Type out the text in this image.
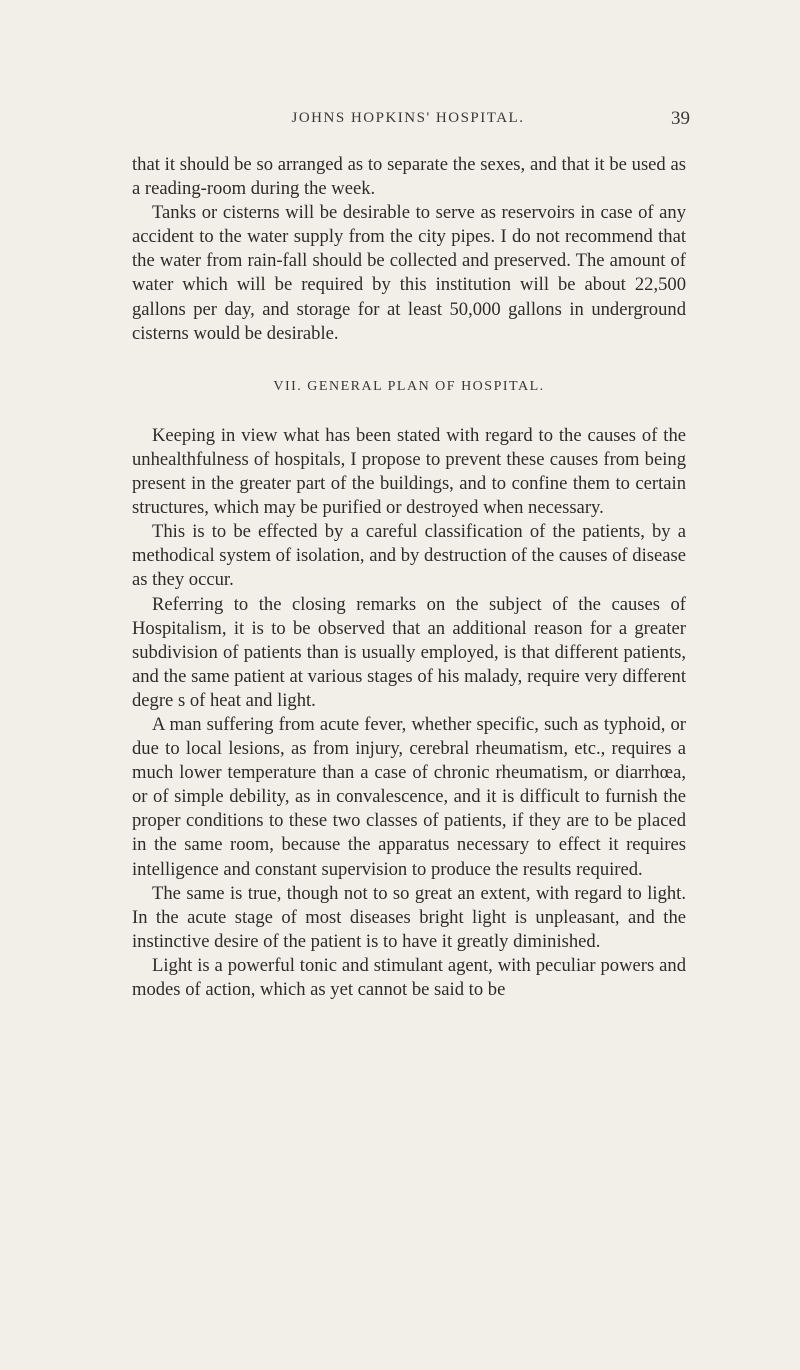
JOHNS HOPKINS' HOSPITAL.	39

that it should be so arranged as to separate the sexes, and that it be used as a reading-room during the week.

Tanks or cisterns will be desirable to serve as reservoirs in case of any accident to the water supply from the city pipes. I do not recommend that the water from rain-fall should be collected and preserved. The amount of water which will be required by this institution will be about 22,500 gallons per day, and storage for at least 50,000 gallons in underground cisterns would be desirable.

VII. GENERAL PLAN OF HOSPITAL.

Keeping in view what has been stated with regard to the causes of the unhealthfulness of hospitals, I propose to prevent these causes from being present in the greater part of the buildings, and to confine them to certain structures, which may be purified or destroyed when necessary.

This is to be effected by a careful classification of the patients, by a methodical system of isolation, and by destruction of the causes of disease as they occur.

Referring to the closing remarks on the subject of the causes of Hospitalism, it is to be observed that an additional reason for a greater subdivision of patients than is usually employed, is that different patients, and the same patient at various stages of his malady, require very different degre s of heat and light.

A man suffering from acute fever, whether specific, such as typhoid, or due to local lesions, as from injury, cerebral rheumatism, etc., requires a much lower temperature than a case of chronic rheumatism, or diarrhœa, or of simple debility, as in convalescence, and it is difficult to furnish the proper conditions to these two classes of patients, if they are to be placed in the same room, because the apparatus necessary to effect it requires intelligence and constant supervision to produce the results required.

The same is true, though not to so great an extent, with regard to light. In the acute stage of most diseases bright light is unpleasant, and the instinctive desire of the patient is to have it greatly diminished.

Light is a powerful tonic and stimulant agent, with peculiar powers and modes of action, which as yet cannot be said to be
